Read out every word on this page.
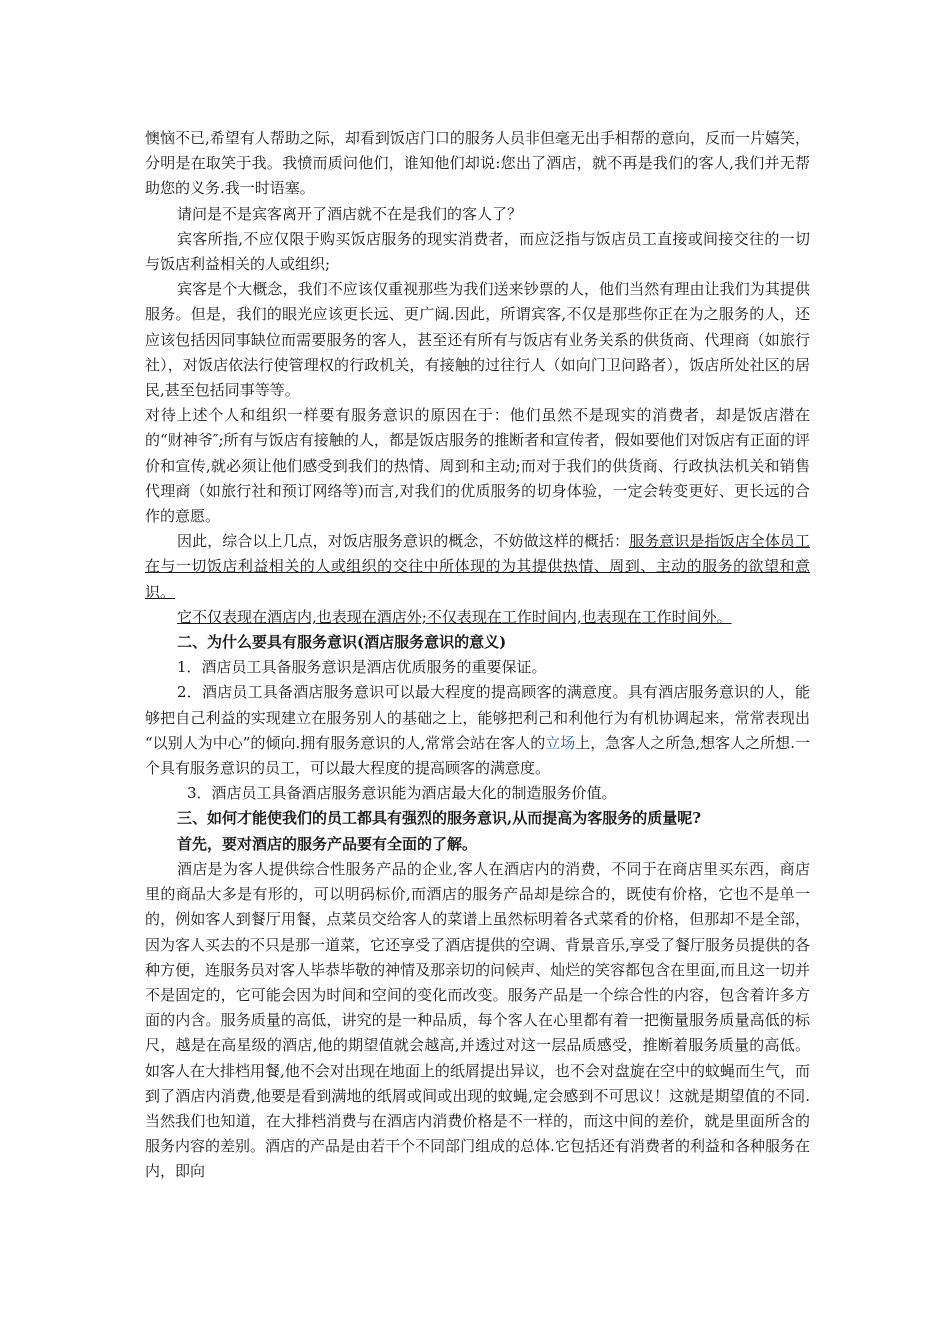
懊恼不已,希望有人帮助之际，却看到饭店门口的服务人员非但毫无出手相帮的意向，反而一片嬉笑，分明是在取笑于我。我愤而质问他们，谁知他们却说:您出了酒店，就不再是我们的客人,我们并无帮助您的义务.我一时语塞。

请问是不是宾客离开了酒店就不在是我们的客人了？

宾客所指,不应仅限于购买饭店服务的现实消费者，而应泛指与饭店员工直接或间接交往的一切与饭店利益相关的人或组织;

宾客是个大概念，我们不应该仅重视那些为我们送来钞票的人，他们当然有理由让我们为其提供服务。但是，我们的眼光应该更长远、更广阔.因此，所谓宾客,不仅是那些你正在为之服务的人，还应该包括因同事缺位而需要服务的客人，甚至还有所有与饭店有业务关系的供货商、代理商（如旅行社），对饭店依法行使管理权的行政机关，有接触的过往行人（如向门卫问路者），饭店所处社区的居民,甚至包括同事等等。

对待上述个人和组织一样要有服务意识的原因在于：他们虽然不是现实的消费者，却是饭店潜在的“财神爷″;所有与饭店有接触的人，都是饭店服务的推断者和宣传者，假如要他们对饭店有正面的评价和宣传,就必须让他们感受到我们的热情、周到和主动;而对于我们的供货商、行政执法机关和销售代理商（如旅行社和预订网络等)而言,对我们的优质服务的切身体验，一定会转变更好、更长远的合作的意愿。

因此，综合以上几点，对饭店服务意识的概念，不妨做这样的概括：服务意识是指饭店全体员工在与一切饭店利益相关的人或组织的交往中所体现的为其提供热情、周到、主动的服务的欲望和意识。

它不仅表现在酒店内,也表现在酒店外;不仅表现在工作时间内,也表现在工作时间外。

二、为什么要具有服务意识(酒店服务意识的意义)

1．酒店员工具备服务意识是酒店优质服务的重要保证。

2．酒店员工具备酒店服务意识可以最大程度的提高顾客的满意度。具有酒店服务意识的人，能够把自己利益的实现建立在服务别人的基础之上，能够把利己和利他行为有机协调起来，常常表现出 “以别人为中心”的倾向.拥有服务意识的人,常常会站在客人的立场上，急客人之所急,想客人之所想.一个具有服务意识的员工，可以最大程度的提高顾客的满意度。

3．酒店员工具备酒店服务意识能为酒店最大化的制造服务价值。

三、如何才能使我们的员工都具有强烈的服务意识,从而提高为客服务的质量呢?

首先，要对酒店的服务产品要有全面的了解。

酒店是为客人提供综合性服务产品的企业,客人在酒店内的消费，不同于在商店里买东西，商店里的商品大多是有形的，可以明码标价,而酒店的服务产品却是综合的，既使有价格，它也不是单一的，例如客人到餐厅用餐，点菜员交给客人的菜谱上虽然标明着各式菜肴的价格，但那却不是全部，因为客人买去的不只是那一道菜，它还享受了酒店提供的空调、背景音乐,享受了餐厅服务员提供的各种方便，连服务员对客人毕恭毕敬的神情及那亲切的问候声、灿烂的笑容都包含在里面,而且这一切并不是固定的，它可能会因为时间和空间的变化而改变。服务产品是一个综合性的内容，包含着许多方面的内含。服务质量的高低，讲究的是一种品质，每个客人在心里都有着一把衡量服务质量高低的标尺，越是在高星级的酒店,他的期望值就会越高,并透过对这一层品质感受，推断着服务质量的高低。如客人在大排档用餐,他不会对出现在地面上的纸屑提出异议，也不会对盘旋在空中的蚊蝇而生气，而到了酒店内消费,他要是看到满地的纸屑或间或出现的蚊蝇,定会感到不可思议！这就是期望值的不同.当然我们也知道，在大排档消费与在酒店内消费价格是不一样的，而这中间的差价，就是里面所含的服务内容的差别。酒店的产品是由若干个不同部门组成的总体.它包括还有消费者的利益和各种服务在内，即向
